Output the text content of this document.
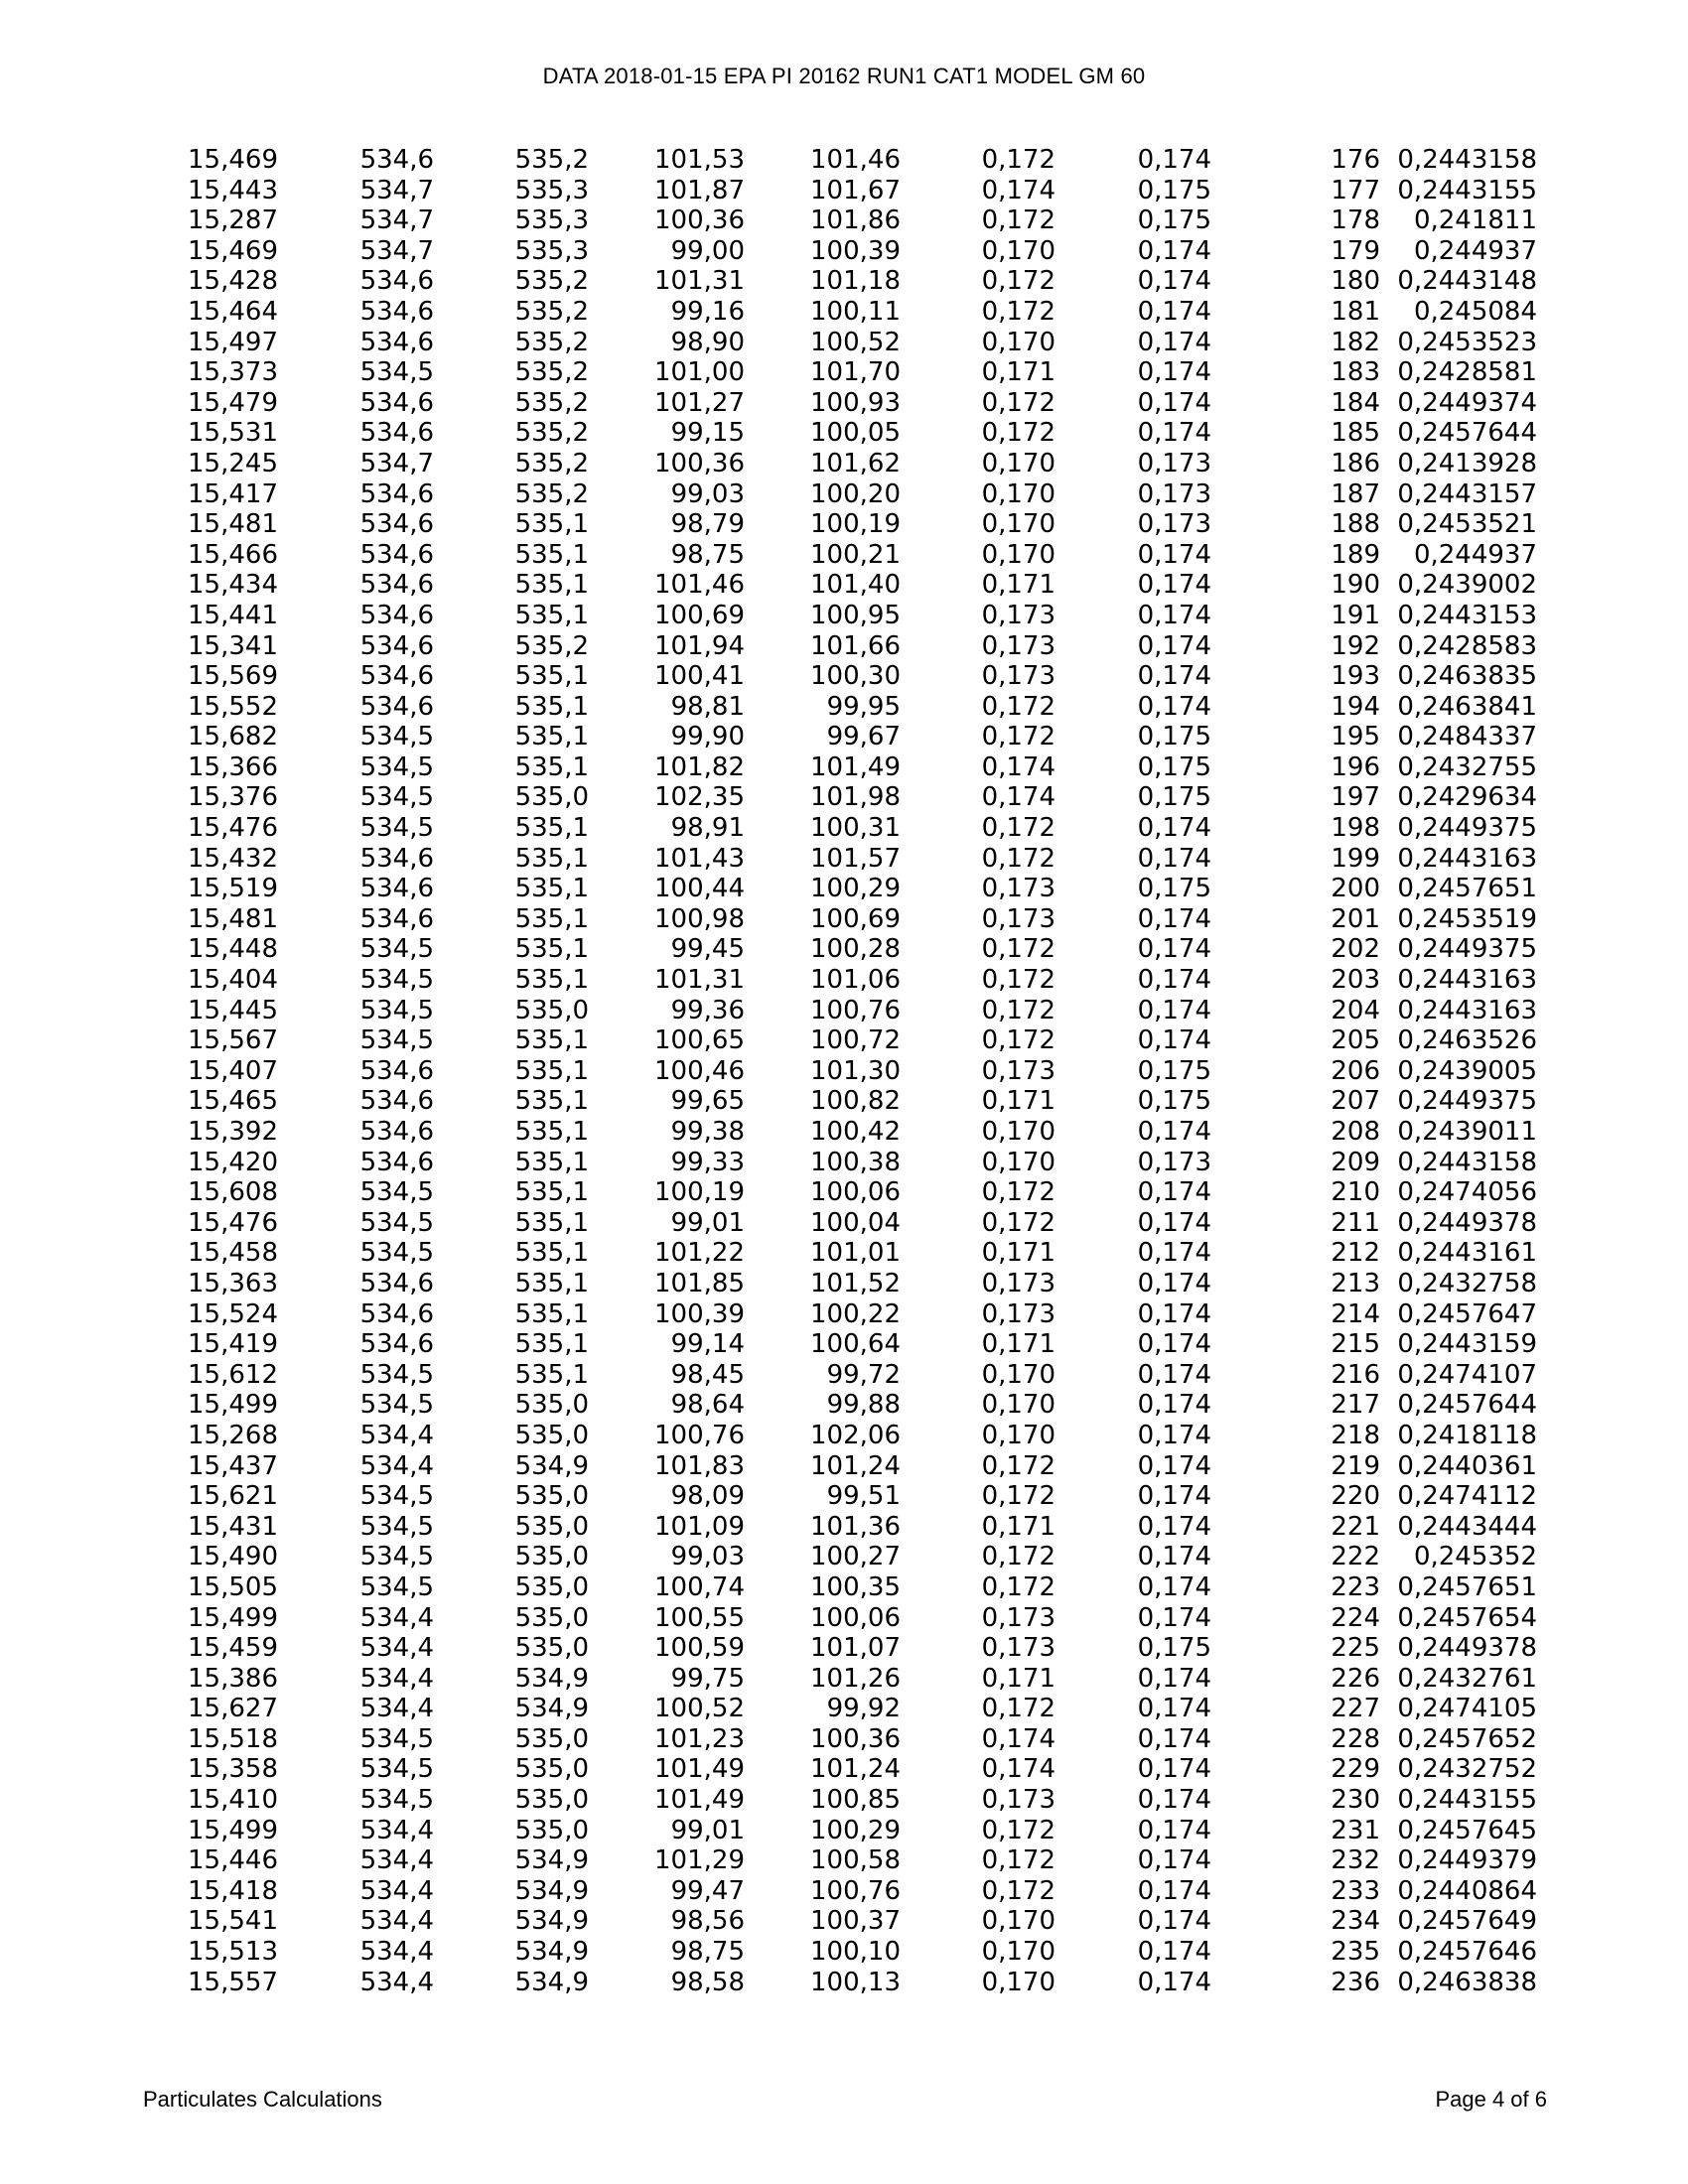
DATA 2018-01-15 EPA PI 20162 RUN1 CAT1 MODEL GM 60
15,469	534,6	535,2	101,53	101,46	0,172	0,174	176	0,2443158
15,443	534,7	535,3	101,87	101,67	0,174	0,175	177	0,2443155
15,287	534,7	535,3	100,36	101,86	0,172	0,175	178	0,241811
15,469	534,7	535,3	99,00	100,39	0,170	0,174	179	0,244937
15,428	534,6	535,2	101,31	101,18	0,172	0,174	180	0,2443148
15,464	534,6	535,2	99,16	100,11	0,172	0,174	181	0,245084
15,497	534,6	535,2	98,90	100,52	0,170	0,174	182	0,2453523
15,373	534,5	535,2	101,00	101,70	0,171	0,174	183	0,2428581
15,479	534,6	535,2	101,27	100,93	0,172	0,174	184	0,2449374
15,531	534,6	535,2	99,15	100,05	0,172	0,174	185	0,2457644
15,245	534,7	535,2	100,36	101,62	0,170	0,173	186	0,2413928
15,417	534,6	535,2	99,03	100,20	0,170	0,173	187	0,2443157
15,481	534,6	535,1	98,79	100,19	0,170	0,173	188	0,2453521
15,466	534,6	535,1	98,75	100,21	0,170	0,174	189	0,244937
15,434	534,6	535,1	101,46	101,40	0,171	0,174	190	0,2439002
15,441	534,6	535,1	100,69	100,95	0,173	0,174	191	0,2443153
15,341	534,6	535,2	101,94	101,66	0,173	0,174	192	0,2428583
15,569	534,6	535,1	100,41	100,30	0,173	0,174	193	0,2463835
15,552	534,6	535,1	98,81	99,95	0,172	0,174	194	0,2463841
15,682	534,5	535,1	99,90	99,67	0,172	0,175	195	0,2484337
15,366	534,5	535,1	101,82	101,49	0,174	0,175	196	0,2432755
15,376	534,5	535,0	102,35	101,98	0,174	0,175	197	0,2429634
15,476	534,5	535,1	98,91	100,31	0,172	0,174	198	0,2449375
15,432	534,6	535,1	101,43	101,57	0,172	0,174	199	0,2443163
15,519	534,6	535,1	100,44	100,29	0,173	0,175	200	0,2457651
15,481	534,6	535,1	100,98	100,69	0,173	0,174	201	0,2453519
15,448	534,5	535,1	99,45	100,28	0,172	0,174	202	0,2449375
15,404	534,5	535,1	101,31	101,06	0,172	0,174	203	0,2443163
15,445	534,5	535,0	99,36	100,76	0,172	0,174	204	0,2443163
15,567	534,5	535,1	100,65	100,72	0,172	0,174	205	0,2463526
15,407	534,6	535,1	100,46	101,30	0,173	0,175	206	0,2439005
15,465	534,6	535,1	99,65	100,82	0,171	0,175	207	0,2449375
15,392	534,6	535,1	99,38	100,42	0,170	0,174	208	0,2439011
15,420	534,6	535,1	99,33	100,38	0,170	0,173	209	0,2443158
15,608	534,5	535,1	100,19	100,06	0,172	0,174	210	0,2474056
15,476	534,5	535,1	99,01	100,04	0,172	0,174	211	0,2449378
15,458	534,5	535,1	101,22	101,01	0,171	0,174	212	0,2443161
15,363	534,6	535,1	101,85	101,52	0,173	0,174	213	0,2432758
15,524	534,6	535,1	100,39	100,22	0,173	0,174	214	0,2457647
15,419	534,6	535,1	99,14	100,64	0,171	0,174	215	0,2443159
15,612	534,5	535,1	98,45	99,72	0,170	0,174	216	0,2474107
15,499	534,5	535,0	98,64	99,88	0,170	0,174	217	0,2457644
15,268	534,4	535,0	100,76	102,06	0,170	0,174	218	0,2418118
15,437	534,4	534,9	101,83	101,24	0,172	0,174	219	0,2440361
15,621	534,5	535,0	98,09	99,51	0,172	0,174	220	0,2474112
15,431	534,5	535,0	101,09	101,36	0,171	0,174	221	0,2443444
15,490	534,5	535,0	99,03	100,27	0,172	0,174	222	0,245352
15,505	534,5	535,0	100,74	100,35	0,172	0,174	223	0,2457651
15,499	534,4	535,0	100,55	100,06	0,173	0,174	224	0,2457654
15,459	534,4	535,0	100,59	101,07	0,173	0,175	225	0,2449378
15,386	534,4	534,9	99,75	101,26	0,171	0,174	226	0,2432761
15,627	534,4	534,9	100,52	99,92	0,172	0,174	227	0,2474105
15,518	534,5	535,0	101,23	100,36	0,174	0,174	228	0,2457652
15,358	534,5	535,0	101,49	101,24	0,174	0,174	229	0,2432752
15,410	534,5	535,0	101,49	100,85	0,173	0,174	230	0,2443155
15,499	534,4	535,0	99,01	100,29	0,172	0,174	231	0,2457645
15,446	534,4	534,9	101,29	100,58	0,172	0,174	232	0,2449379
15,418	534,4	534,9	99,47	100,76	0,172	0,174	233	0,2440864
15,541	534,4	534,9	98,56	100,37	0,170	0,174	234	0,2457649
15,513	534,4	534,9	98,75	100,10	0,170	0,174	235	0,2457646
15,557	534,4	534,9	98,58	100,13	0,170	0,174	236	0,2463838
Particulates Calculations	Page 4 of 6
